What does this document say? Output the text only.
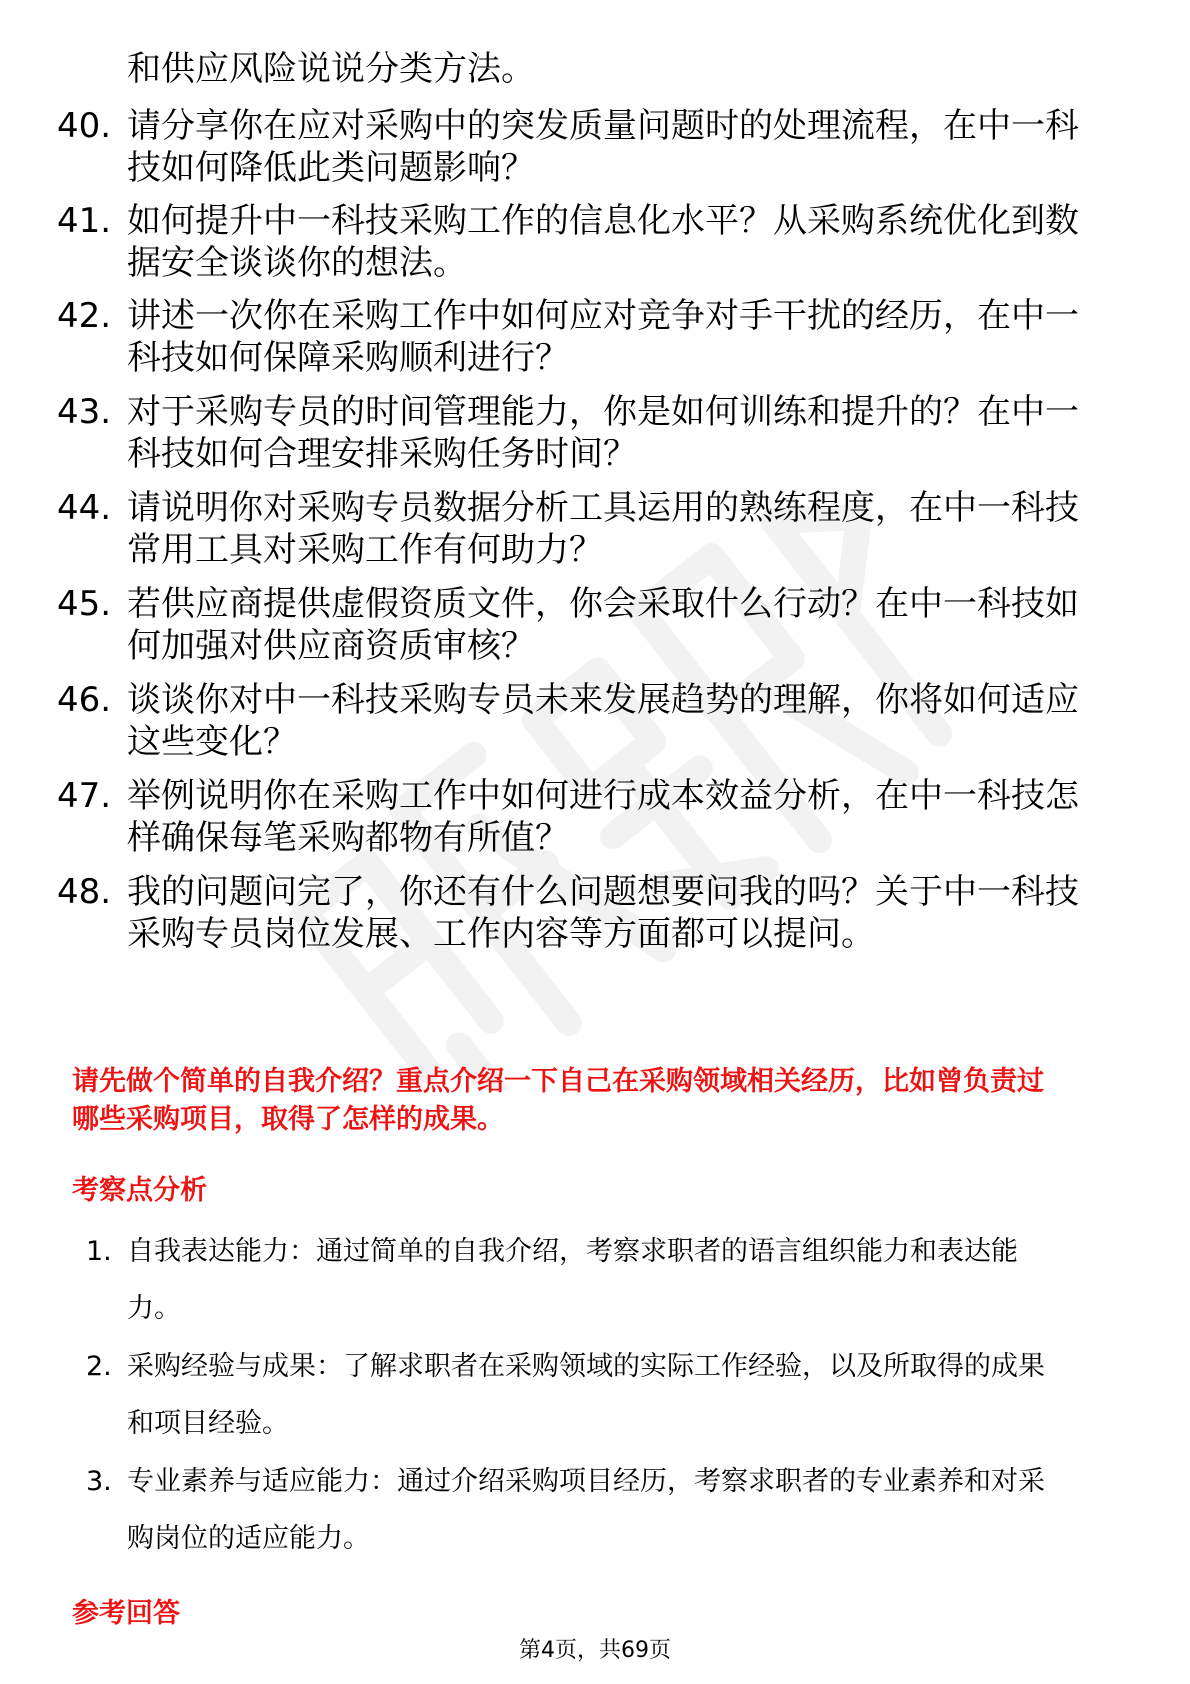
和供应风险说说分类方法。
40. 请分享你在应对采购中的突发质量问题时的处理流程，在中一科
技如何降低此类问题影响？
41. 如何提升中一科技采购工作的信息化水平？从采购系统优化到数
据安全谈谈你的想法。
42. 讲述一次你在采购工作中如何应对竞争对手干扰的经历，在中一
科技如何保障采购顺利进行？
43. 对于采购专员的时间管理能力，你是如何训练和提升的？在中一
科技如何合理安排采购任务时间？
44. 请说明你对采购专员数据分析工具运用的熟练程度，在中一科技
常用工具对采购工作有何助力？
45. 若供应商提供虚假资质文件，你会采取什么行动？在中一科技如
何加强对供应商资质审核？
46. 谈谈你对中一科技采购专员未来发展趋势的理解，你将如何适应
这些变化？
47. 举例说明你在采购工作中如何进行成本效益分析，在中一科技怎
样确保每笔采购都物有所值？
48. 我的问题问完了，你还有什么问题想要问我的吗？关于中一科技
采购专员岗位发展、工作内容等方面都可以提问。
请先做个简单的自我介绍？重点介绍一下自己在采购领域相关经历，比如曾负责过
哪些采购项目，取得了怎样的成果。
考察点分析
1. 自我表达能力：通过简单的自我介绍，考察求职者的语言组织能力和表达能
力。
2. 采购经验与成果：了解求职者在采购领域的实际工作经验，以及所取得的成果
和项目经验。
3. 专业素养与适应能力：通过介绍采购项目经历，考察求职者的专业素养和对采
购岗位的适应能力。
参考回答
第4页，共69页
